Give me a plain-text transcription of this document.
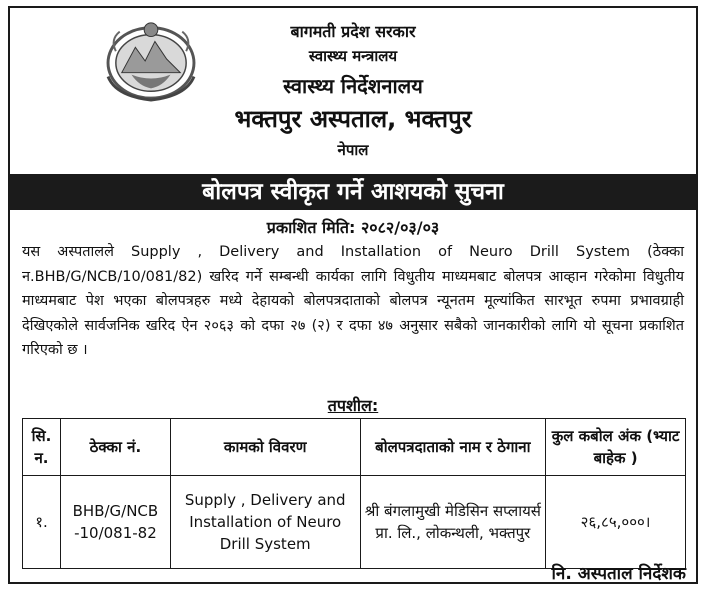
बागमती प्रदेश सरकार
स्वास्थ्य मन्त्रालय
स्वास्थ्य निर्देशनालय
भक्तपुर अस्पताल, भक्तपुर
नेपाल
बोलपत्र स्वीकृत गर्ने आशयको सुचना
प्रकाशित मिति: २०८२/०३/०३
यस अस्पतालले Supply , Delivery and Installation of Neuro Drill System (ठेक्का न.BHB/G/NCB/10/081/82) खरिद गर्ने सम्बन्धी कार्यका लागि विधुतीय माध्यमबाट बोलपत्र आव्हान गरेकोमा विधुतीय माध्यमबाट पेश भएका बोलपत्रहरु मध्ये देहायको बोलपत्रदाताको बोलपत्र न्यूनतम मूल्यांकित सारभूत रुपमा प्रभावग्राही देखिएकोले सार्वजनिक खरिद ऐन २०६३ को दफा २७ (२) र दफा ४७ अनुसार सबैको जानकारीको लागि यो सूचना प्रकाशित गरिएको छ ।
तपशील:
सि. न.	ठेक्का नं.	कामको विवरण	बोलपत्रदाताको नाम र ठेगाना	कुल कबोल अंक (भ्याट बाहेक )
१.	BHB/G/NCB -10/081-82	Supply , Delivery and Installation of Neuro Drill System	श्री बंगलामुखी मेडिसिन सप्लायर्स प्रा. लि., लोकन्थली, भक्तपुर	२६,८५,०००।
नि. अस्पताल निर्देशक
